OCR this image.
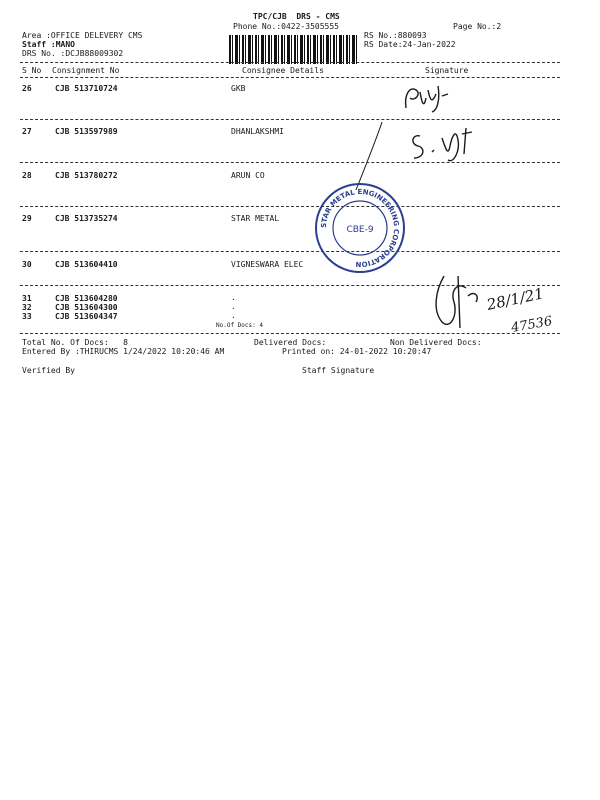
TPC/CJB  DRS - CMS
Phone No.:0422-3505555	Page No.:2
Area :OFFICE DELEVERY CMS
Staff :MANO
DRS No. :DCJB88009302
RS No.:880093
RS Date:24-Jan-2022
S No Consignment No	Consignee Details	Signature
26	CJB 513710724	GKB
27	CJB 513597989	DHANLAKSHMI
28	CJB 513780272	ARUN CO
29	CJB 513735274	STAR METAL
30	CJB 513604410	VIGNESWARA ELEC
31	CJB 513604280	.
32	CJB 513604300	.
33	CJB 513604347	.
No.Of Docs: 4
Total No. Of Docs:   8	Delivered Docs:	Non Delivered Docs:
Entered By :THIRUCMS 1/24/2022 10:20:46 AM	Printed on: 24-01-2022 10:20:47
Verified By	Staff Signature
28/1/21
47536
STAR METAL ENGINEERING CORPORATION
CBE-9
